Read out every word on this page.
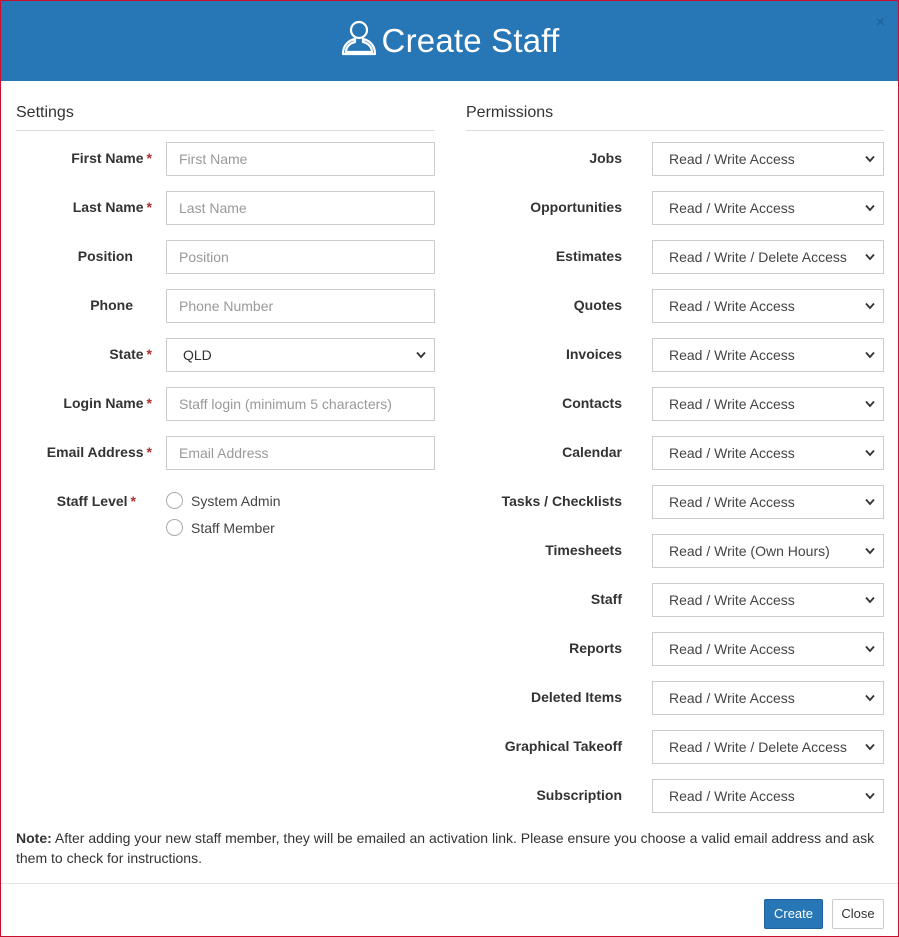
Create Staff	×
Settings	Permissions
First Name *	First Name
Last Name *	Last Name
Position	Position
Phone	Phone Number
State *	QLD
Login Name *	Staff login (minimum 5 characters)
Email Address *	Email Address
Jobs	Read / Write Access
Opportunities	Read / Write Access
Estimates	Read / Write / Delete Access
Quotes	Read / Write Access
Invoices	Read / Write Access
Contacts	Read / Write Access
Calendar	Read / Write Access
Tasks / Checklists	Read / Write Access
Timesheets	Read / Write (Own Hours)
Staff	Read / Write Access
Reports	Read / Write Access
Deleted Items	Read / Write Access
Graphical Takeoff	Read / Write / Delete Access
Subscription	Read / Write Access
Staff Level *	System Admin
Staff Member
Note: After adding your new staff member, they will be emailed an activation link. Please ensure you choose a valid email address and ask them to check for instructions.
Create	Close
